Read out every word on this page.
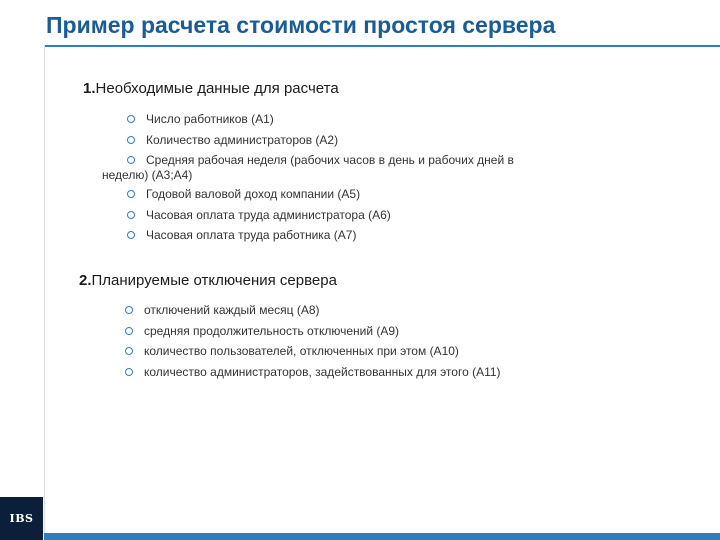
Пример расчета стоимости простоя сервера
1.Необходимые данные для расчета
Число работников (А1)
Количество администраторов (А2)
Средняя рабочая неделя (рабочих часов в день и рабочих дней в
неделю) (А3;А4)
Годовой валовой доход компании (А5)
Часовая оплата труда администратора (А6)
Часовая оплата труда работника (А7)
2.Планируемые отключения сервера
отключений каждый месяц (А8)
средняя продолжительность отключений (А9)
количество пользователей, отключенных при этом (А10)
количество администраторов, задействованных для этого (А11)
IBS
